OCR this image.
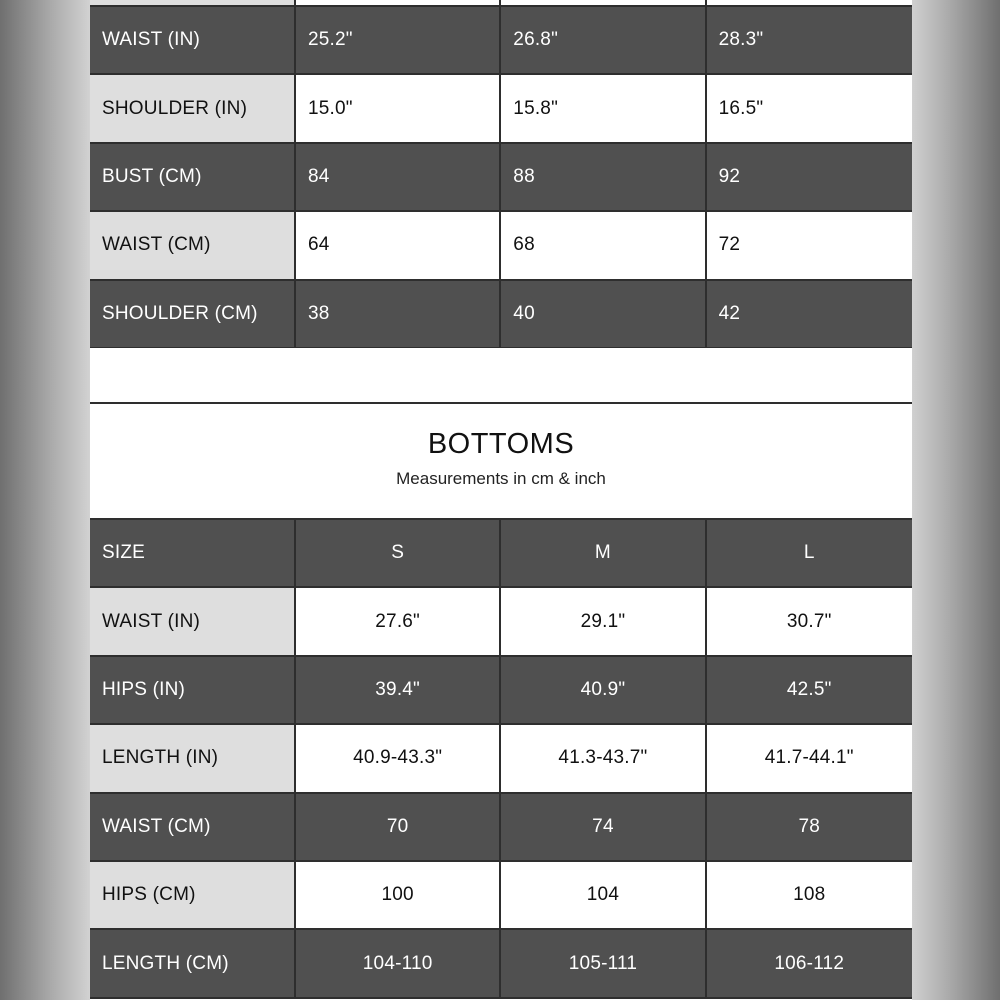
WAIST (IN)	25.2"	26.8"	28.3"
SHOULDER (IN)	15.0"	15.8"	16.5"
BUST (CM)	84	88	92
WAIST (CM)	64	68	72
SHOULDER (CM)	38	40	42
BOTTOMS

Measurements in cm & inch

SIZE	S	M	L
WAIST (IN)	27.6"	29.1"	30.7"
HIPS (IN)	39.4"	40.9"	42.5"
LENGTH (IN)	40.9-43.3"	41.3-43.7"	41.7-44.1"
WAIST (CM)	70	74	78
HIPS (CM)	100	104	108
LENGTH (CM)	104-110	105-111	106-112
